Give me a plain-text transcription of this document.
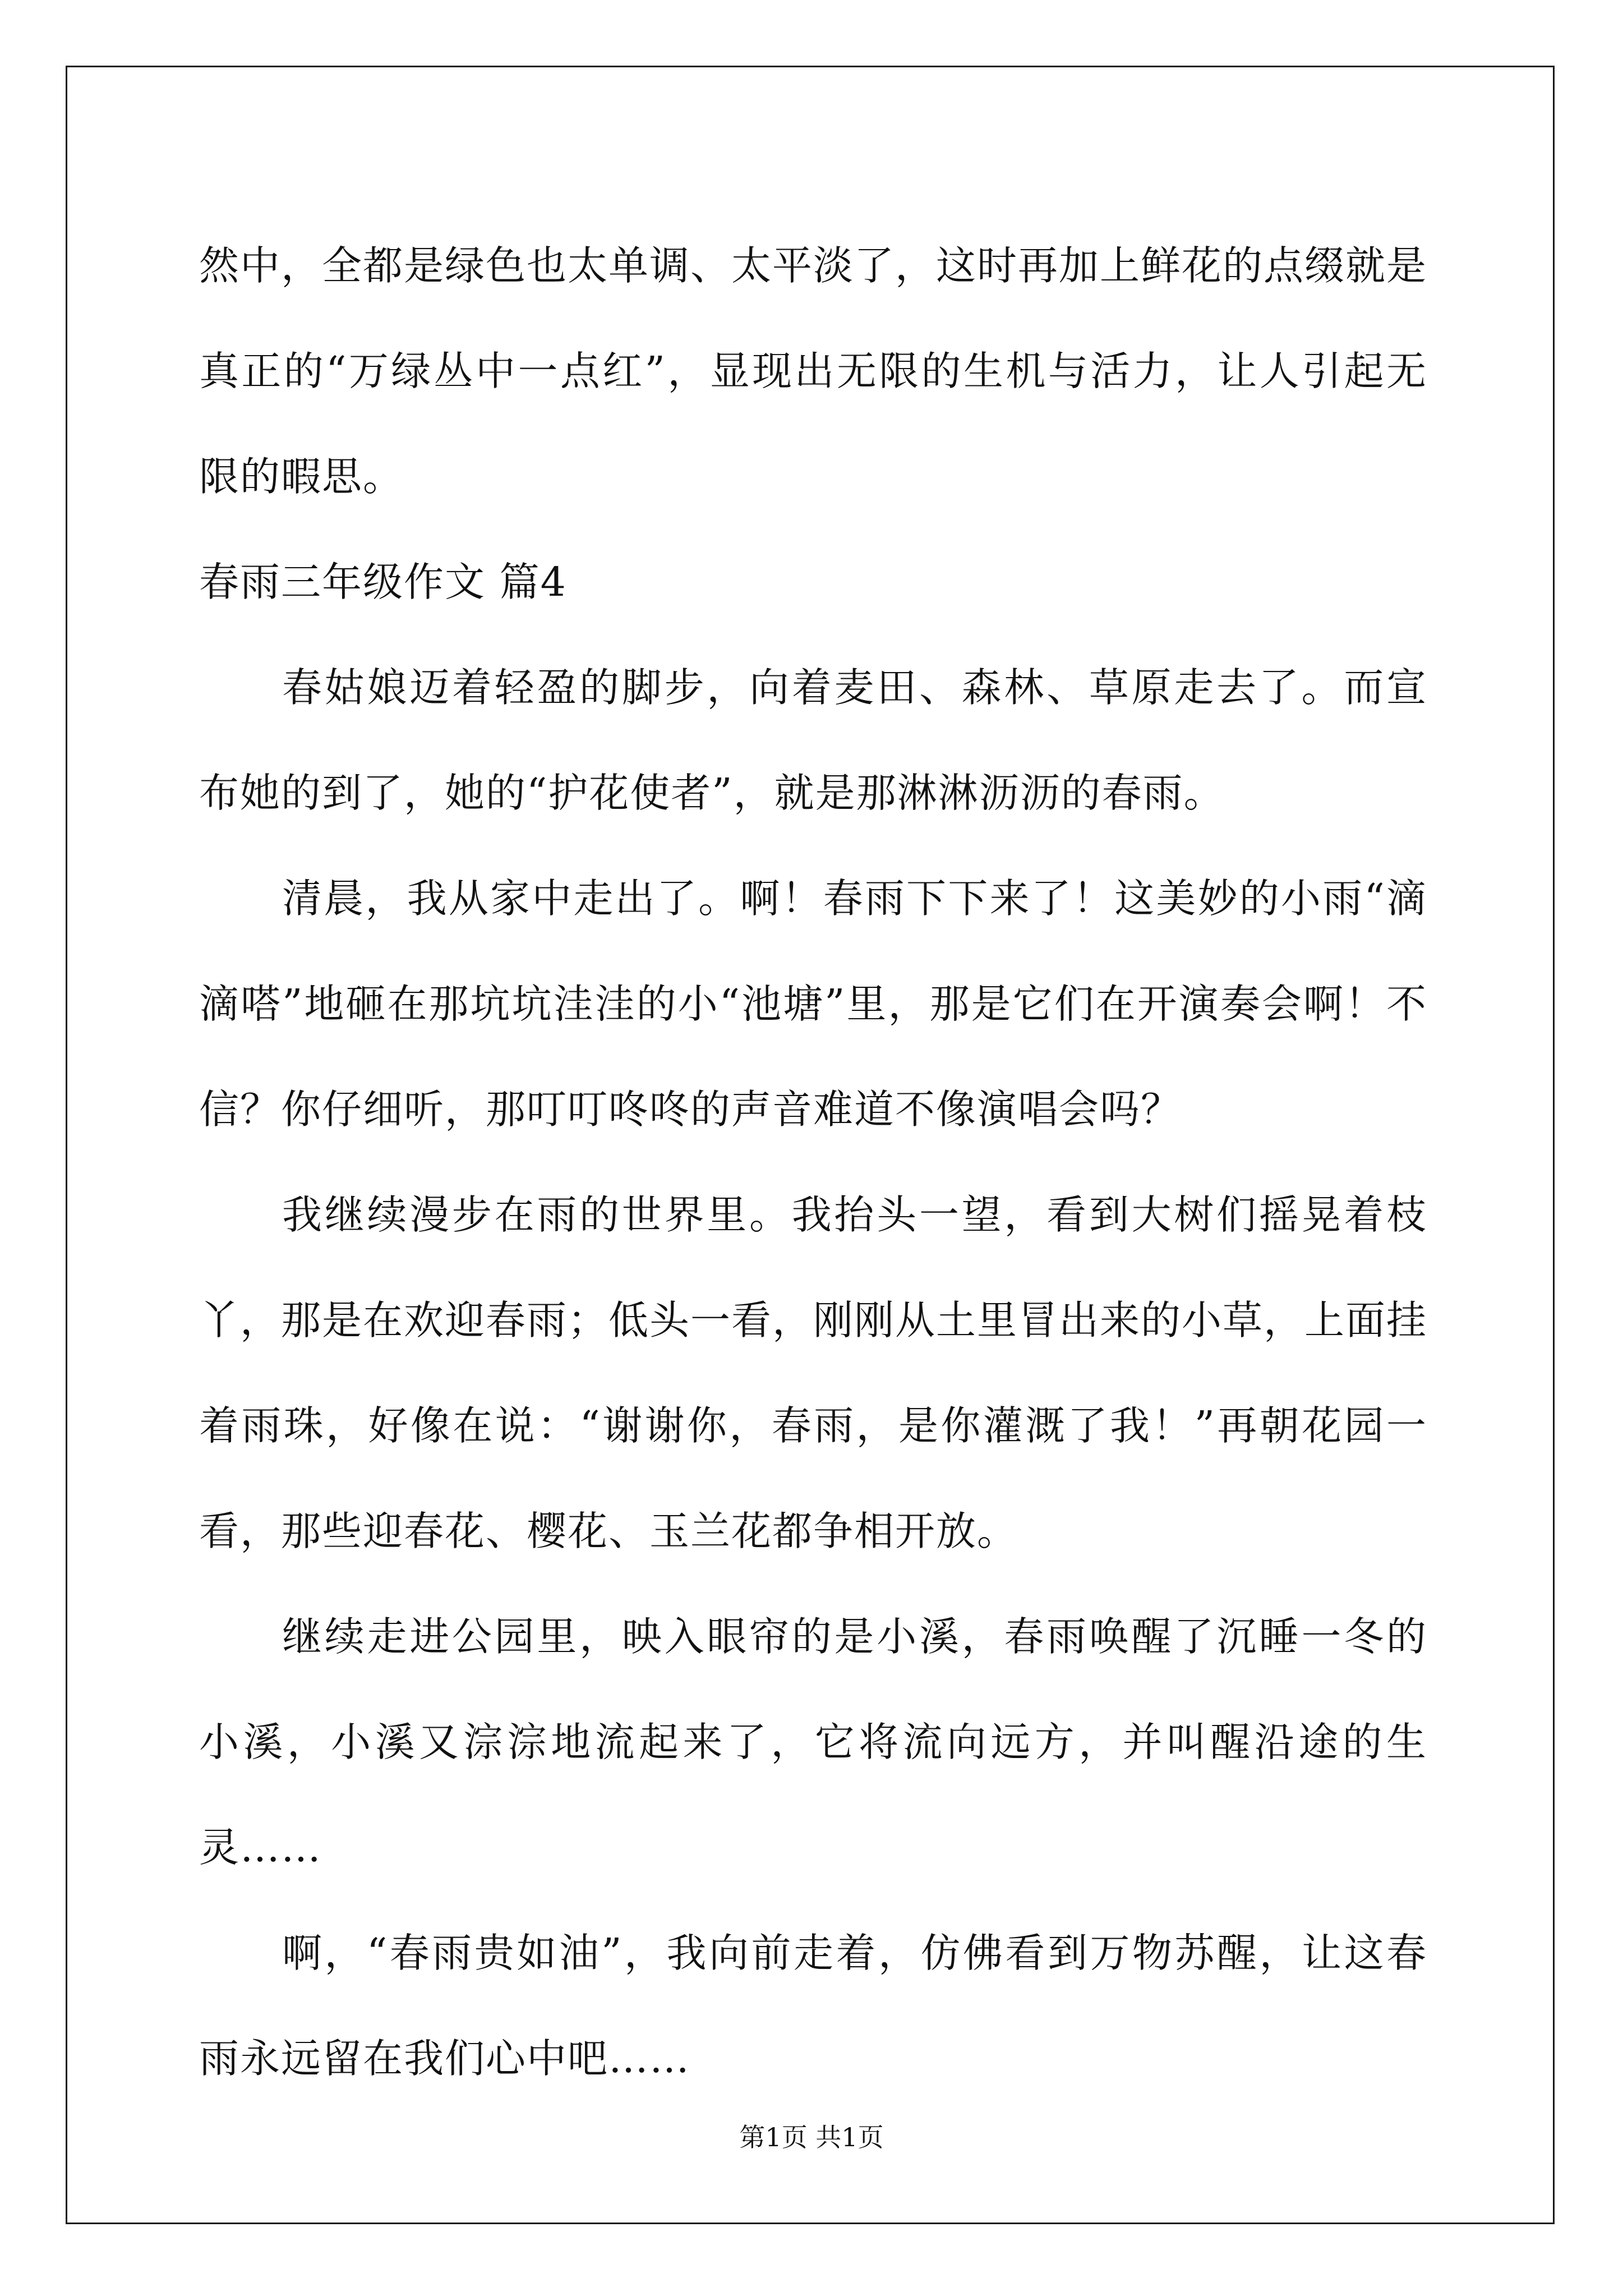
然中，全都是绿色也太单调、太平淡了，这时再加上鲜花的点缀就是真正的“万绿丛中一点红”，显现出无限的生机与活力，让人引起无限的暇思。

春雨三年级作文 篇4

春姑娘迈着轻盈的脚步，向着麦田、森林、草原走去了。而宣布她的到了，她的“护花使者”，就是那淋淋沥沥的春雨。

清晨，我从家中走出了。啊！春雨下下来了！这美妙的小雨“滴滴嗒”地砸在那坑坑洼洼的小“池塘”里，那是它们在开演奏会啊！不信？你仔细听，那叮叮咚咚的声音难道不像演唱会吗？

我继续漫步在雨的世界里。我抬头一望，看到大树们摇晃着枝丫，那是在欢迎春雨；低头一看，刚刚从土里冒出来的小草，上面挂着雨珠，好像在说：“谢谢你，春雨，是你灌溉了我！”再朝花园一看，那些迎春花、樱花、玉兰花都争相开放。

继续走进公园里，映入眼帘的是小溪，春雨唤醒了沉睡一冬的小溪，小溪又淙淙地流起来了，它将流向远方，并叫醒沿途的生灵……

啊，“春雨贵如油”，我向前走着，仿佛看到万物苏醒，让这春雨永远留在我们心中吧……

第1页 共1页
